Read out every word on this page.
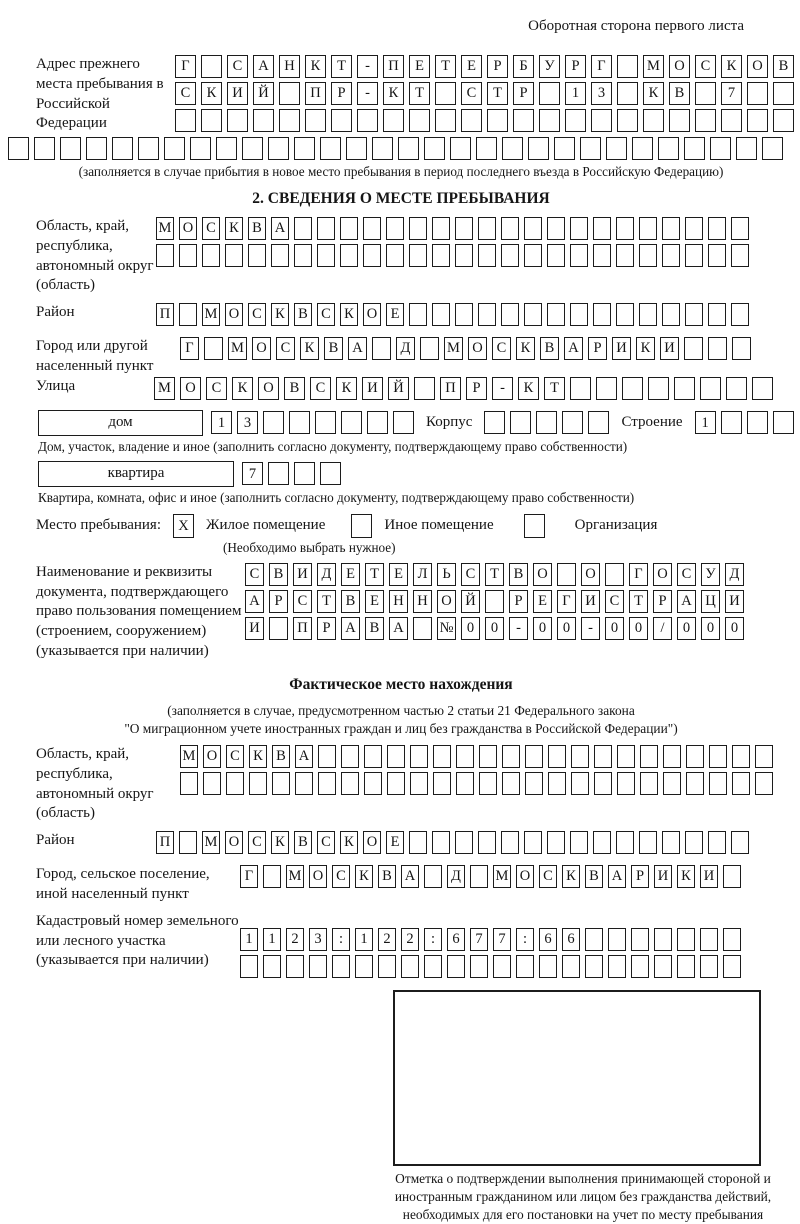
Оборотная сторона первого листа
Адрес прежнего места пребывания в Российской Федерации
Г	С	А	Н	К	Т	-	П	Е	Т	Е	Р	Б	У	Р	Г	М О	С	К	О	В
С	К	И	Й	П	Р	-	К	Т	С	Т	Р	1	3	К	В	7
(заполняется в случае прибытия в новое место пребывания в период последнего въезда в Российскую Федерацию)
2. СВЕДЕНИЯ О МЕСТЕ ПРЕБЫВАНИЯ
Область, край, республика, автономный округ (область)
М О С К В А
Район	П М О С К В С К О Е
Город или другой населенный пункт
Г	М О С К В А	Д	М О С К В А	Р	И К И
Улица	М О	С	К	О	В	С	К	И	Й	П	Р	-	К	Т
дом	1	3	Корпус	Строение	1
Дом, участок, владение и иное (заполнить согласно документу, подтверждающему право собственности)
квартира	7
Квартира, комната, офис и иное (заполнить согласно документу, подтверждающему право собственности)
Место пребывания:	X	Жилое помещение	Иное помещение	Организация
(Необходимо выбрать нужное)
Наименование и реквизиты документа, подтверждающего право пользования помещением (строением, сооружением) (указывается при наличии)
С В И Д	Е	Т	Е	Л	Ь	С	Т	В О	О	Г	О С У Д
А	Р	С	Т	В	Е Н Н О Й	Р	Е	Г	И С	Т	Р	А Ц И
И	П	Р	А В А № 0	0	-	0	0	-	0	0	/	0	0	0
Фактическое место нахождения
(заполняется в случае, предусмотренном частью 2 статьи 21 Федерального закона
"О миграционном учете иностранных граждан и лиц без гражданства в Российской Федерации")
Область, край, республика, автономный округ (область)
М О С К В А
Район	П М О С К В С К О Е
Город, сельское поселение, иной населенный пункт
Г	М О С К В А Д М О С К В А Р И К И
Кадастровый номер земельного или лесного участка (указывается при наличии)
1	1	2	3	:	1	2	2	:	6	7	7	:	6	6
Отметка о подтверждении выполнения принимающей стороной и иностранным гражданином или лицом без гражданства действий, необходимых для его постановки на учет по месту пребывания
